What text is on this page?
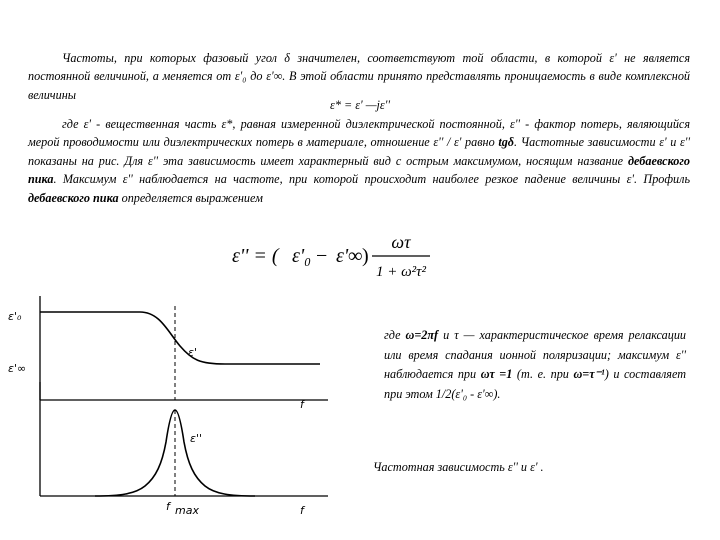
Частоты, при которых фазовый угол δ значителен, соответствуют той области, в которой ε' не является постоянной величиной, а меняется от ε'₀ до ε'∞. В этой области принято представлять проницаемость в виде комплексной величины
ε* = ε' —jε''
где ε' - вещественная часть ε*, равная измеренной диэлектрической постоянной, ε'' - фактор потерь, являющийся мерой проводимости или диэлектрических потерь в материале, отношение ε'' / ε' равно tgδ. Частотные зависимости ε' и ε'' показаны на рис. Для ε'' эта зависимость имеет характерный вид с острым максимумом, носящим название дебаевского пика. Максимум ε'' наблюдается на частоте, при которой происходит наиболее резкое падение величины ε'. Профиль дебаевского пика определяется выражением
ε'' = ( ε'₀ − ε'∞ )
ωτ
1 + ω²τ²
ε'₀
ε'∞
ε'
f
ε''
f max	f
где ω=2πf и τ — характеристическое время релаксации или время спадания ионной поляризации; максимум ε'' наблюдается при ωτ =1 (т. е. при ω=τ⁻¹) и составляет при этом 1/2(ε'₀ - ε'∞).
Частотная зависимость ε'' и ε' .
